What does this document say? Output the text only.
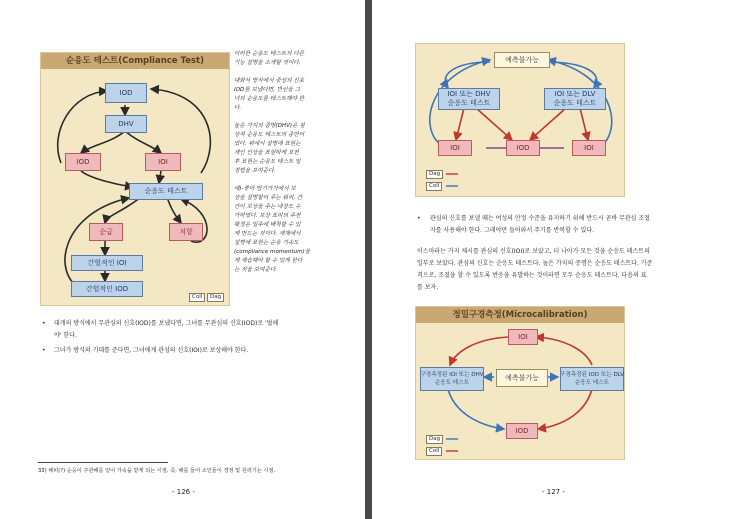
순응도 테스트(Compliance Test)
IOD
DHV
IOD	IOI
순응도 테스트
순급	저항
간헐적인 IOI
간헐적인 IOD
Coll	Dag
이러한 순응도 테스트의 다른
기능 설명을 소개할 것이다.
대화식 방식에서 중성의 신포
IOD를 보냈다면, 반신을 그
녀의 순응도를 테스트해야 한
다.
높은 가치의 증명(DHV)은 점
상적 순응도 테스트의 종반이
었다. 위에서 설명에 표현는
개인 인상을 표현하게 요전
후 표현는 순응도 테스트 일
정법을 보여준다.
예)-좋아 방기가가에서 보
상을 설명할이 주는 워리, 간
간이 보상을 주는 네장도 수
가하였다. 보상 표리의 주전
확정은 일주에 배척할 수 있
게 만드는 것이다. 개채에서
설명에 표현는 순응 기속도
(compliance momentum)을
게 제습해야 할 수 있게 한다
는 것을 보여준다.
• 대개의 방식에서 무관심의 신호(IOD)를 보냈다면, 그녀를 무관심의 신호(IOD)로 '벌해
야' 한다.
• 그녀가 방식의 기대를 준다면, 그녀에게 관심의 신호(IOI)로 보상해야 한다.
33) 해피(?) 순응이 주관해를 얻어 가속을 받게 되는 시점, 즉, 해를 들어 소인들이 경정 및 원리기는 시점.
- 126 -
예측불가능
IOI 또는 DHV
순응도 테스트
IOI 또는 DLV
순응도 테스트
IOI	IOD	IOI
Dag
Coll
• 관심의 신호를 보낼 때는 여성의 안정 수준을 유지하기 위해 반드시 곧바 무관심 조절
자를 사용해야 한다. 그래야만 들어와서 주기를 반복할 수 있다.
이스마라는 가지 제시를 관심의 신호(IOI)로 보았고, 더 나아가 모든 것을 순응도 테스트의
일부로 보았다. 관심의 신호는 순응도 테스트다. 높은 가치의 증명은 순응도 테스트다. 기준
격으로, 조절을 할 수 있도록 반응을 유발하는 것이라면 모두 순응도 테스트다. 다음의 표
를 보자.
정밀구경측정(Microcalibration)
IOI
구경측정된 IOI 또는 DHV
순응도 테스트
예측불가능	구경측정된 IOD 또는 DLV
순응도 테스트
IOD
Dag
Coll
- 127 -
